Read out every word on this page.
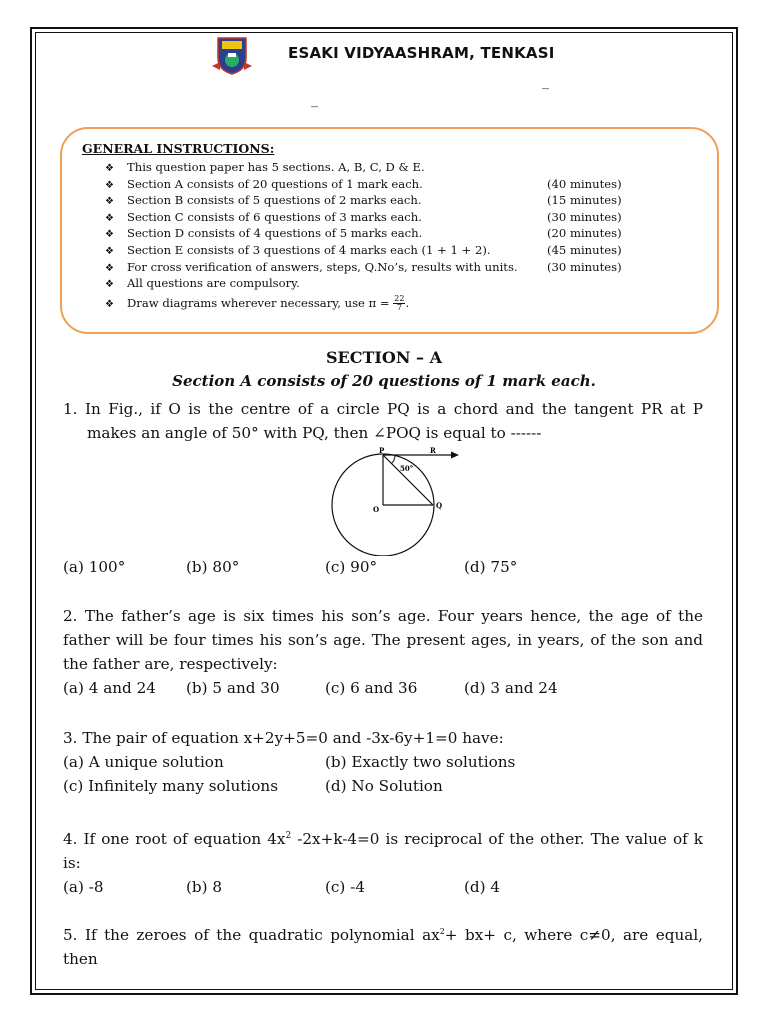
ESAKI VIDYAASHRAM, TENKASI
_
_
GENERAL INSTRUCTIONS:
❖ This question paper has 5 sections. A, B, C, D & E.
❖ Section A consists of 20 questions of 1 mark each.	(40 minutes)
❖ Section B consists of 5 questions of 2 marks each.	(15 minutes)
❖ Section C consists of 6 questions of 3 marks each.	(30 minutes)
❖ Section D consists of 4 questions of 5 marks each.	(20 minutes)
❖ Section E consists of 3 questions of 4 marks each (1 + 1 + 2).	(45 minutes)
❖ For cross verification of answers, steps, Q.No’s, results with units.	(30 minutes)
❖ All questions are compulsory.
❖ Draw diagrams wherever necessary, use $\pi = \frac{22}{7}$ .
SECTION – A
Section A consists of 20 questions of 1 mark each.

1. In Fig., if O is the centre of a circle PQ is a chord and the tangent PR at P makes an angle of 50° with PQ, then ∠POQ is equal to ------

P	R
O	Q
50°
(a) 100°	(b) 80°	(c) 90°	(d) 75°

2. The father’s age is six times his son’s age. Four years hence, the age of the father will be four times his son’s age. The present ages, in years, of the son and the father are, respectively:

(a) 4 and 24 (b) 5 and 30	(c) 6 and 36	(d) 3 and 24

3. The pair of equation x+2y+5=0 and -3x-6y+1=0 have:

(a) A unique solution	(b) Exactly two solutions
(c) Infinitely many solutions	(d) No Solution

4. If one root of equation $4x^2$ -2x+k-4=0 is reciprocal of the other. The value of k is:

(a) -8	(b) 8	(c) -4	(d) 4

5. If the zeroes of the quadratic polynomial $ax^2+ bx+ c$, where c≠0, are equal, then
